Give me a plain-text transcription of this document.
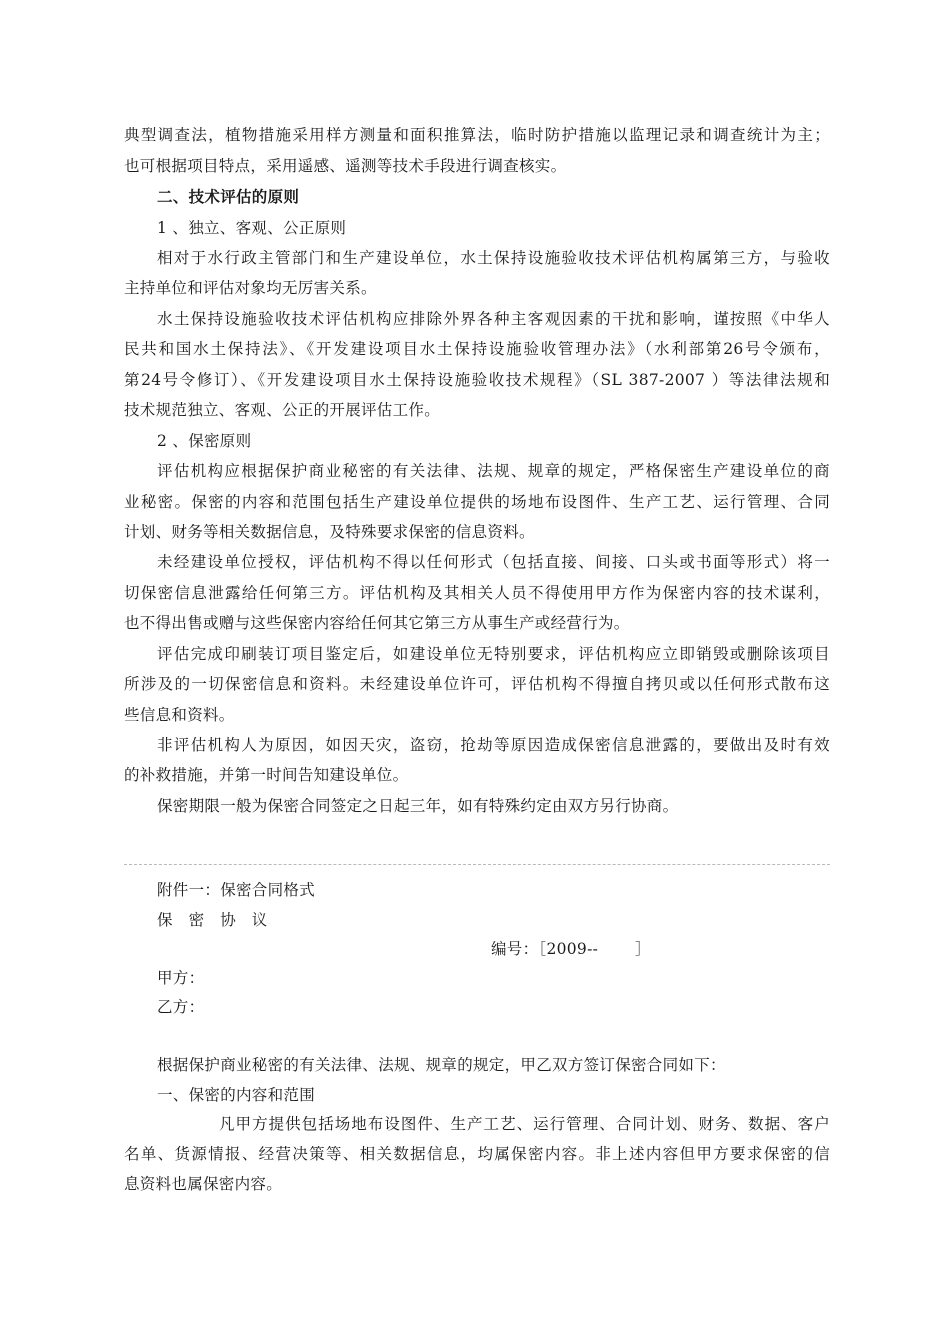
典型调查法，植物措施采用样方测量和面积推算法，临时防护措施以监理记录和调查统计为主；
也可根据项目特点，采用遥感、遥测等技术手段进行调查核实。
二、技术评估的原则
1 、独立、客观、公正原则
相对于水行政主管部门和生产建设单位，水土保持设施验收技术评估机构属第三方，与验收
主持单位和评估对象均无厉害关系。
水土保持设施验收技术评估机构应排除外界各种主客观因素的干扰和影响，谨按照《中华人
民共和国水土保持法》、《开发建设项目水土保持设施验收管理办法》（水利部第26号令颁布，
第24号令修订）、《开发建设项目水土保持设施验收技术规程》（SL 387-2007 ）等法律法规和
技术规范独立、客观、公正的开展评估工作。
2 、保密原则
评估机构应根据保护商业秘密的有关法律、法规、规章的规定，严格保密生产建设单位的商
业秘密。保密的内容和范围包括生产建设单位提供的场地布设图件、生产工艺、运行管理、合同
计划、财务等相关数据信息，及特殊要求保密的信息资料。
未经建设单位授权，评估机构不得以任何形式（包括直接、间接、口头或书面等形式）将一
切保密信息泄露给任何第三方。评估机构及其相关人员不得使用甲方作为保密内容的技术谋利，
也不得出售或赠与这些保密内容给任何其它第三方从事生产或经营行为。
评估完成印刷装订项目鉴定后，如建设单位无特别要求，评估机构应立即销毁或删除该项目
所涉及的一切保密信息和资料。未经建设单位许可，评估机构不得擅自拷贝或以任何形式散布这
些信息和资料。
非评估机构人为原因，如因天灾，盗窃，抢劫等原因造成保密信息泄露的，要做出及时有效
的补救措施，并第一时间告知建设单位。
保密期限一般为保密合同签定之日起三年，如有特殊约定由双方另行协商。
附件一：保密合同格式
保　密　协　议
编号：［2009--　　 ］
甲方：
乙方：
根据保护商业秘密的有关法律、法规、规章的规定，甲乙双方签订保密合同如下：
一、保密的内容和范围
凡甲方提供包括场地布设图件、生产工艺、运行管理、合同计划、财务、数据、客户
名单、货源情报、经营决策等、相关数据信息，均属保密内容。非上述内容但甲方要求保密的信
息资料也属保密内容。
